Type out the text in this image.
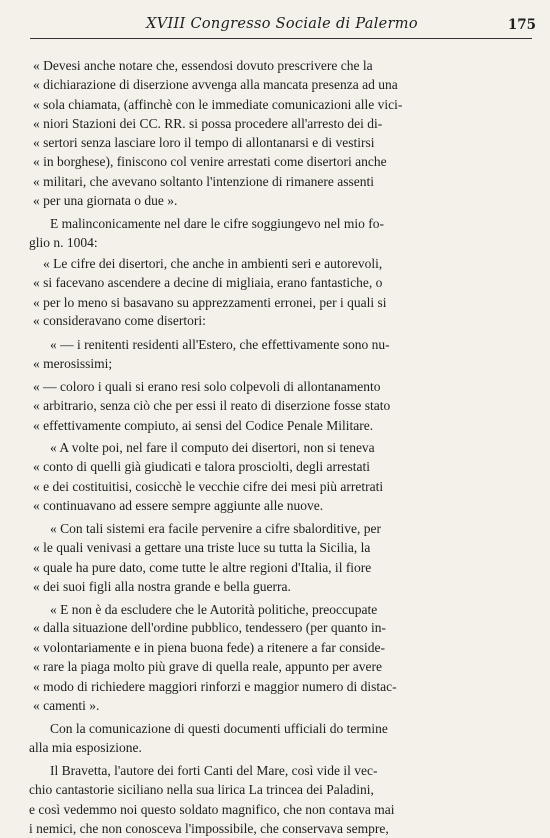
XVIII Congresso Sociale di Palermo	175
« Devesi anche notare che, essendosi dovuto prescrivere che la
« dichiarazione di diserzione avvenga alla mancata presenza ad una
« sola chiamata, (affinchè con le immediate comunicazioni alle vici-
« niori Stazioni dei CC. RR. si possa procedere all'arresto dei di-
« sertori senza lasciare loro il tempo di allontanarsi e di vestirsi
« in borghese), finiscono col venire arrestati come disertori anche
« militari, che avevano soltanto l'intenzione di rimanere assenti
« per una giornata o due ».
E malinconicamente nel dare le cifre soggiungevo nel mio fo-
glio n. 1004:
« Le cifre dei disertori, che anche in ambienti seri e autorevoli,
« si facevano ascendere a decine di migliaia, erano fantastiche, o
« per lo meno si basavano su apprezzamenti erronei, per i quali si
« consideravano come disertori:
« — i renitenti residenti all'Estero, che effettivamente sono nu-
« merosissimi;
« — coloro i quali si erano resi solo colpevoli di allontanamento
« arbitrario, senza ciò che per essi il reato di diserzione fosse stato
« effettivamente compiuto, ai sensi del Codice Penale Militare.
« A volte poi, nel fare il computo dei disertori, non si teneva
« conto di quelli già giudicati e talora prosciolti, degli arrestati
« e dei costituitisi, cosicchè le vecchie cifre dei mesi più arretrati
« continuavano ad essere sempre aggiunte alle nuove.
« Con tali sistemi era facile pervenire a cifre sbalorditive, per
« le quali venivasi a gettare una triste luce su tutta la Sicilia, la
« quale ha pure dato, come tutte le altre regioni d'Italia, il fiore
« dei suoi figli alla nostra grande e bella guerra.
« E non è da escludere che le Autorità politiche, preoccupate
« dalla situazione dell'ordine pubblico, tendessero (per quanto in-
« volontariamente e in piena buona fede) a ritenere a far conside-
« rare la piaga molto più grave di quella reale, appunto per avere
« modo di richiedere maggiori rinforzi e maggior numero di distac-
« camenti ».
Con la comunicazione di questi documenti ufficiali do termine
alla mia esposizione.
Il Bravetta, l'autore dei forti Canti del Mare, così vide il vec-
chio cantastorie siciliano nella sua lirica La trincea dei Paladini,
e così vedemmo noi questo soldato magnifico, che non contava mai
i nemici, che non conosceva l'impossibile, che conservava sempre,
